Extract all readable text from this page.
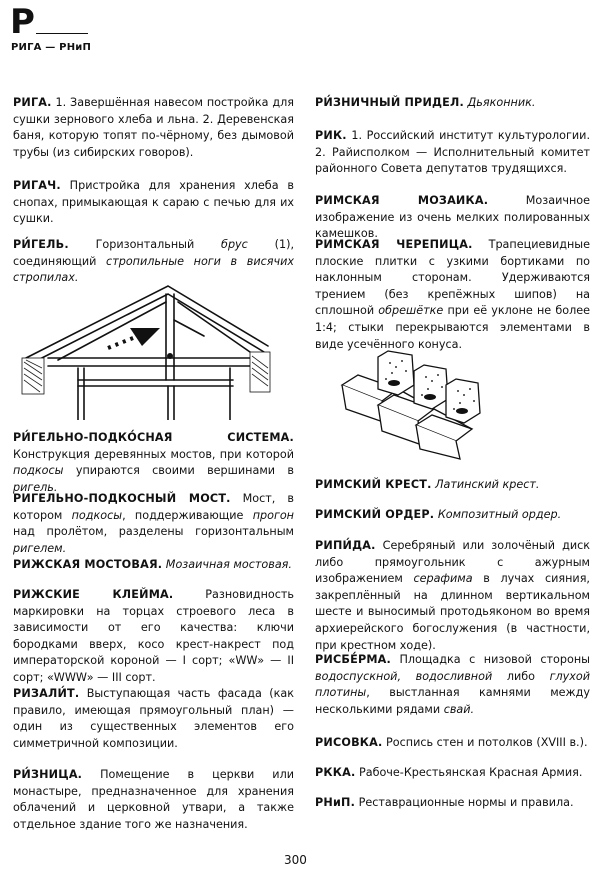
Р
РИГА — РНиП
РИГА. 1. Завершённая навесом постройка для сушки зернового хлеба и льна. 2. Деревенская баня, которую топят по-чёрному, без дымовой трубы (из сибирских говоров).
РИГАЧ. Пристройка для хранения хлеба в снопах, примыкающая к сараю с печью для их сушки.
РИ́ГЕЛЬ. Горизонтальный брус (1), соединяющий стропильные ноги в висячих стропилах.
РИ́ГЕЛЬНО-ПОДКО́СНАЯ СИСТЕМА. Конструкция деревянных мостов, при которой подкосы упираются своими вершинами в ригель.
РИГЕЛЬНО-ПОДКОСНЫЙ МОСТ. Мост, в котором подкосы, поддерживающие прогон над пролётом, разделены горизонтальным ригелем.
РИЖСКАЯ МОСТОВАЯ. Мозаичная мостовая.
РИЖСКИЕ КЛЕЙМА. Разновидность маркировки на торцах строевого леса в зависимости от его качества: ключи бородками вверх, косо крест-накрест под императорской короной — I сорт; «WW» — II сорт; «WWW» — III сорт.
РИЗАЛИ́Т. Выступающая часть фасада (как правило, имеющая прямоугольный план) — один из существенных элементов его симметричной композиции.
РИ́ЗНИЦА. Помещение в церкви или монастыре, предназначенное для хранения облачений и церковной утвари, а также отдельное здание того же назначения.
РИ́ЗНИЧНЫЙ ПРИДЕЛ. Дьяконник.
РИК. 1. Российский институт культурологии. 2. Райисполком — Исполнительный комитет районного Совета депутатов трудящихся.
РИМСКАЯ МОЗАИКА. Мозаичное изображение из очень мелких полированных камешков.
РИМСКАЯ ЧЕРЕПИЦА. Трапециевидные плоские плитки с узкими бортиками по наклонным сторонам. Удерживаются трением (без крепёжных шипов) на сплошной обрешётке при её уклоне не более 1:4; стыки перекрываются элементами в виде усечённого конуса.
РИМСКИЙ КРЕСТ. Латинский крест.
РИМСКИЙ ОРДЕР. Композитный ордер.
РИПИ́ДА. Серебряный или золочёный диск либо прямоугольник с ажурным изображением серафима в лучах сияния, закреплённый на длинном вертикальном шесте и выносимый протодьяконом во время архиерейского богослужения (в частности, при крестном ходе).
РИСБЕ́РМА. Площадка с низовой стороны водоспускной, водосливной либо глухой плотины, выстланная камнями между несколькими рядами свай.
РИСОВКА. Роспись стен и потолков (XVIII в.).
РККА. Рабоче-Крестьянская Красная Армия.
РНиП. Реставрационные нормы и правила.
300
